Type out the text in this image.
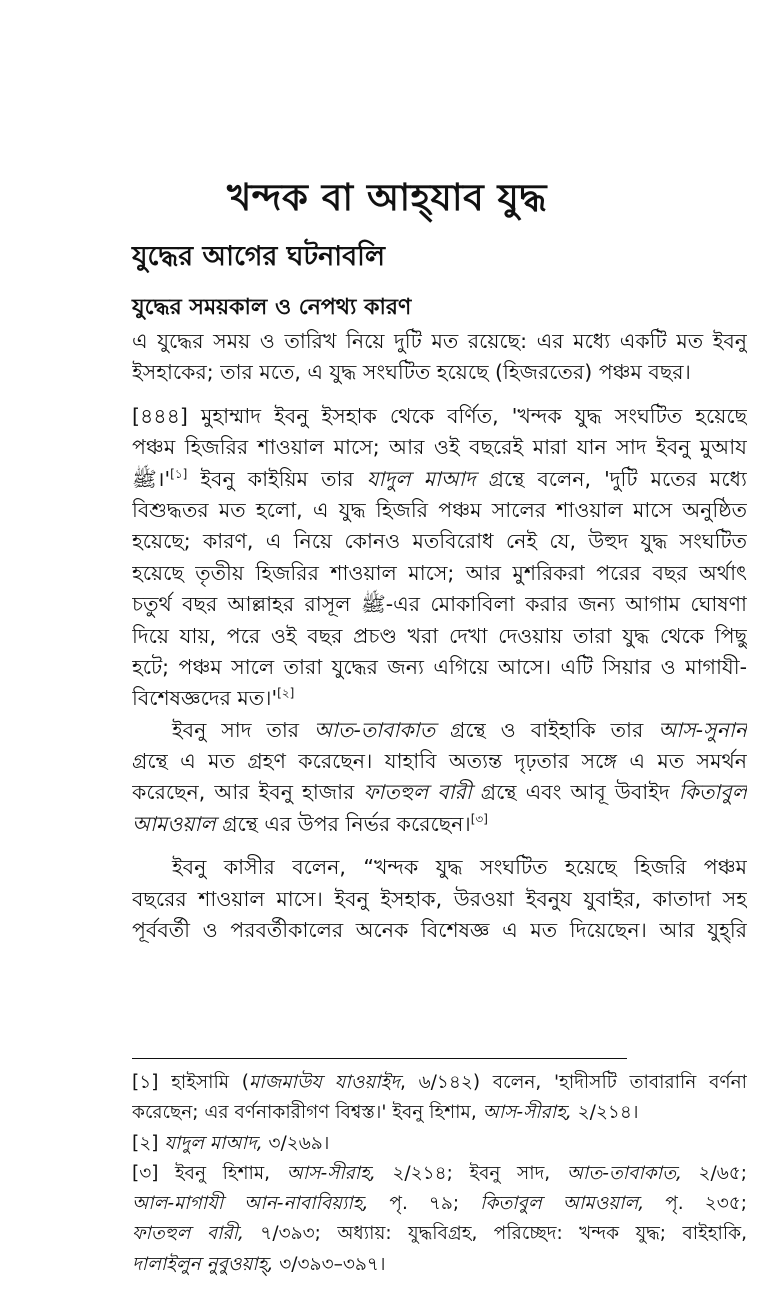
খন্দক বা আহ্‌যাব যুদ্ধ
যুদ্ধের আগের ঘটনাবলি
যুদ্ধের সময়কাল ও নেপথ্য কারণ
এ যুদ্ধের সময় ও তারিখ নিয়ে দুটি মত রয়েছে: এর মধ্যে একটি মত ইবনু
ইসহাকের; তার মতে, এ যুদ্ধ সংঘটিত হয়েছে (হিজরতের) পঞ্চম বছর।
[৪৪৪] মুহাম্মাদ ইবনু ইসহাক থেকে বর্ণিত, 'খন্দক যুদ্ধ সংঘটিত হয়েছে
পঞ্চম হিজরির শাওয়াল মাসে; আর ওই বছরেই মারা যান সাদ ইবনু মুআয
ﷺ।'[১] ইবনু কাইয়িম তার যাদুল মাআদ গ্রন্থে বলেন, 'দুটি মতের মধ্যে
বিশুদ্ধতর মত হলো, এ যুদ্ধ হিজরি পঞ্চম সালের শাওয়াল মাসে অনুষ্ঠিত
হয়েছে; কারণ, এ নিয়ে কোনও মতবিরোধ নেই যে, উহুদ যুদ্ধ সংঘটিত
হয়েছে তৃতীয় হিজরির শাওয়াল মাসে; আর মুশরিকরা পরের বছর অর্থাৎ
চতুর্থ বছর আল্লাহর রাসূল ﷺ-এর মোকাবিলা করার জন্য আগাম ঘোষণা
দিয়ে যায়, পরে ওই বছর প্রচণ্ড খরা দেখা দেওয়ায় তারা যুদ্ধ থেকে পিছু
হটে; পঞ্চম সালে তারা যুদ্ধের জন্য এগিয়ে আসে। এটি সিয়ার ও মাগাযী-
বিশেষজ্ঞদের মত।'[২]
ইবনু সাদ তার আত-তাবাকাত গ্রন্থে ও বাইহাকি তার আস-সুনান
গ্রন্থে এ মত গ্রহণ করেছেন। যাহাবি অত্যন্ত দৃঢ়তার সঙ্গে এ মত সমর্থন
করেছেন, আর ইবনু হাজার ফাতহুল বারী গ্রন্থে এবং আবূ উবাইদ কিতাবুল
আমওয়াল গ্রন্থে এর উপর নির্ভর করেছেন।[৩]
ইবনু কাসীর বলেন, “খন্দক যুদ্ধ সংঘটিত হয়েছে হিজরি পঞ্চম
বছরের শাওয়াল মাসে। ইবনু ইসহাক, উরওয়া ইবনুয যুবাইর, কাতাদা সহ
পূর্ববর্তী ও পরবর্তীকালের অনেক বিশেষজ্ঞ এ মত দিয়েছেন। আর যুহ্‌রি
[১] হাইসামি (মাজমাউয যাওয়াইদ, ৬/১৪২) বলেন, 'হাদীসটি তাবারানি বর্ণনা
করেছেন; এর বর্ণনাকারীগণ বিশ্বস্ত।' ইবনু হিশাম, আস-সীরাহ, ২/২১৪।
[২] যাদুল মাআদ, ৩/২৬৯।
[৩] ইবনু হিশাম, আস-সীরাহ, ২/২১৪; ইবনু সাদ, আত-তাবাকাত, ২/৬৫;
আল-মাগাযী আন-নাবাবিয়্যাহ, পৃ. ৭৯; কিতাবুল আমওয়াল, পৃ. ২৩৫;
ফাতহুল বারী, ৭/৩৯৩; অধ্যায়: যুদ্ধবিগ্রহ, পরিচ্ছেদ: খন্দক যুদ্ধ; বাইহাকি,
দালাইলুন নুবুওয়াহ্‌, ৩/৩৯৩–৩৯৭।
